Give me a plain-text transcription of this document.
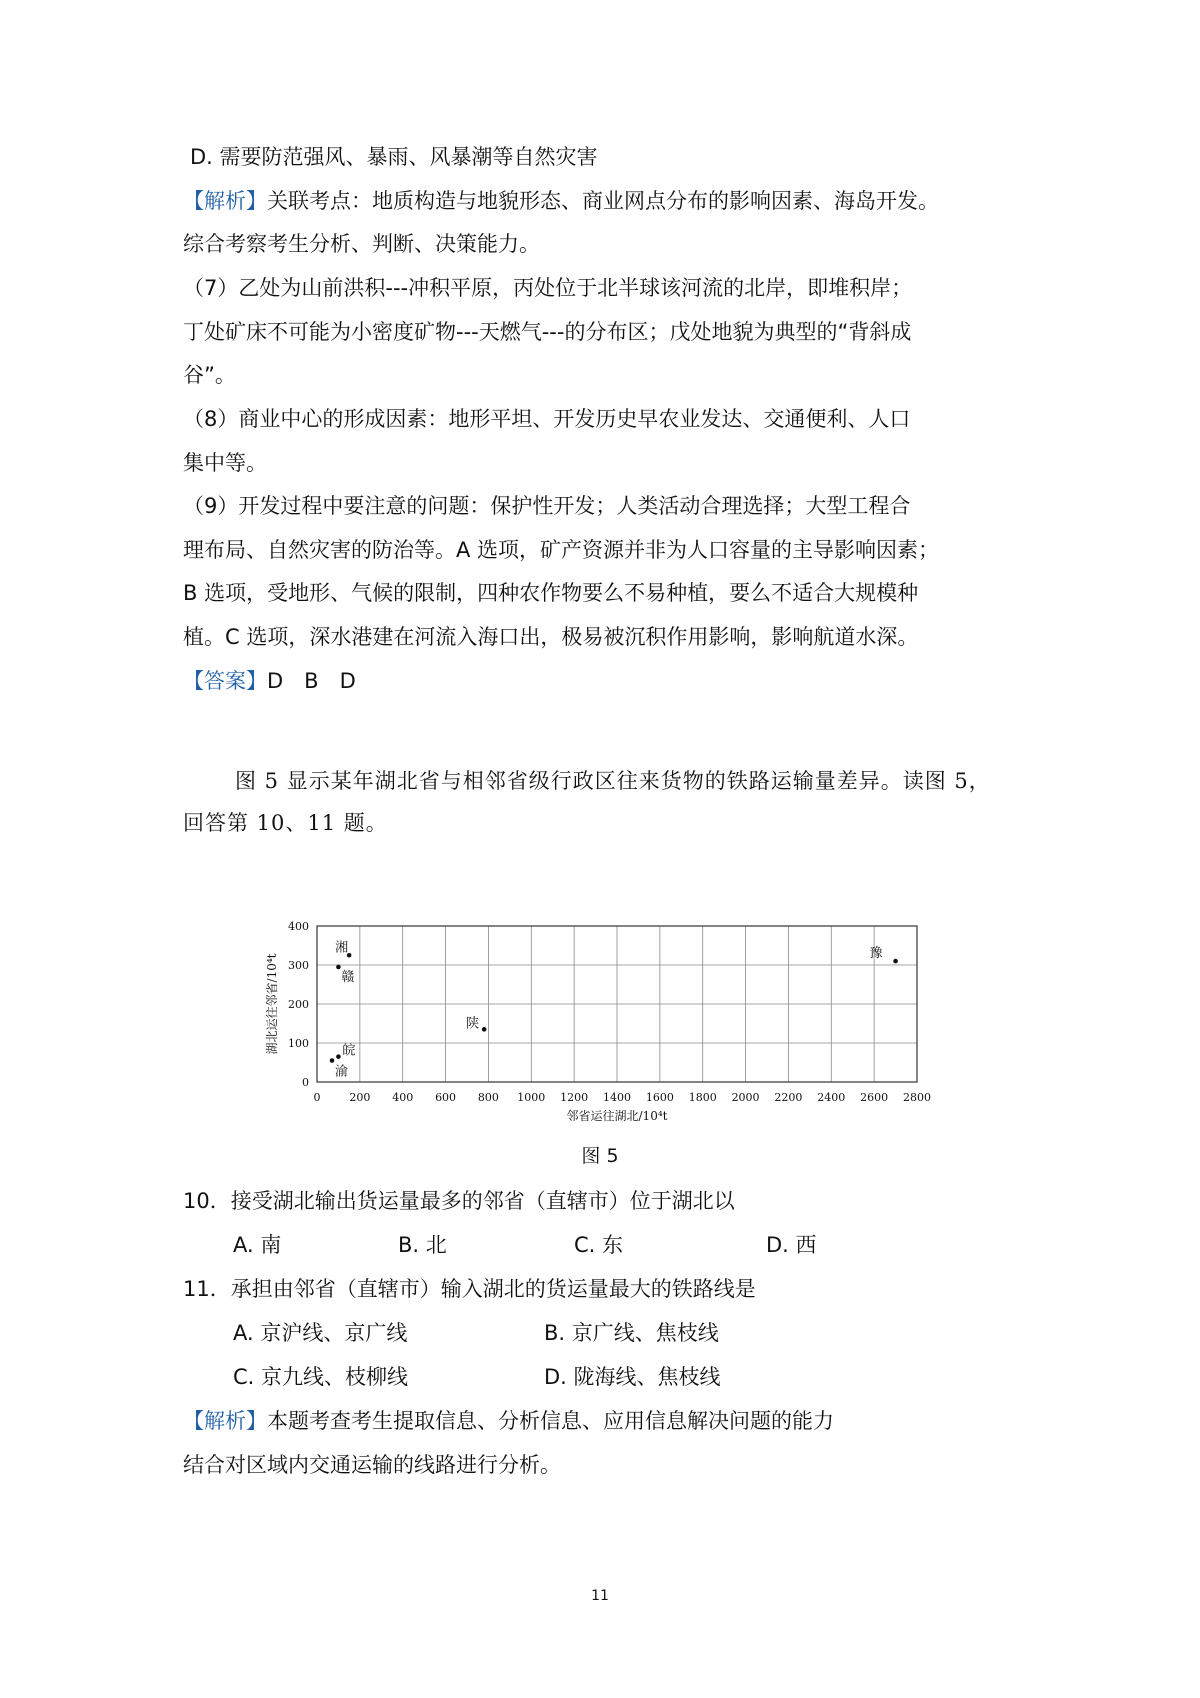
D. 需要防范强风、暴雨、风暴潮等自然灾害
【解析】关联考点：地质构造与地貌形态、商业网点分布的影响因素、海岛开发。
综合考察考生分析、判断、决策能力。
（7）乙处为山前洪积---冲积平原，丙处位于北半球该河流的北岸，即堆积岸；
丁处矿床不可能为小密度矿物---天燃气---的分布区；戊处地貌为典型的“背斜成
谷”。
（8）商业中心的形成因素：地形平坦、开发历史早农业发达、交通便利、人口
集中等。
（9）开发过程中要注意的问题：保护性开发；人类活动合理选择；大型工程合
理布局、自然灾害的防治等。A 选项，矿产资源并非为人口容量的主导影响因素；
B 选项，受地形、气候的限制，四种农作物要么不易种植，要么不适合大规模种
植。C 选项，深水港建在河流入海口出，极易被沉积作用影响，影响航道水深。
【答案】D　B　D
图 5 显示某年湖北省与相邻省级行政区往来货物的铁路运输量差异。读图 5，
回答第 10、11 题。
0	200 400 600 800 1000 1200 1400 1600 1800 2000 2200 2400 2600 2800
0
100
200
300
400
湘
赣
陕
皖
渝
豫
邻省运往湖北/10⁴t
湖北运往邻省/10⁴t
图 5
10．接受湖北输出货运量最多的邻省（直辖市）位于湖北以
A. 南	B. 北	C. 东	D. 西
11．承担由邻省（直辖市）输入湖北的货运量最大的铁路线是
A. 京沪线、京广线	B. 京广线、焦枝线
C. 京九线、枝柳线	D. 陇海线、焦枝线
【解析】本题考查考生提取信息、分析信息、应用信息解决问题的能力
结合对区域内交通运输的线路进行分析。
11
